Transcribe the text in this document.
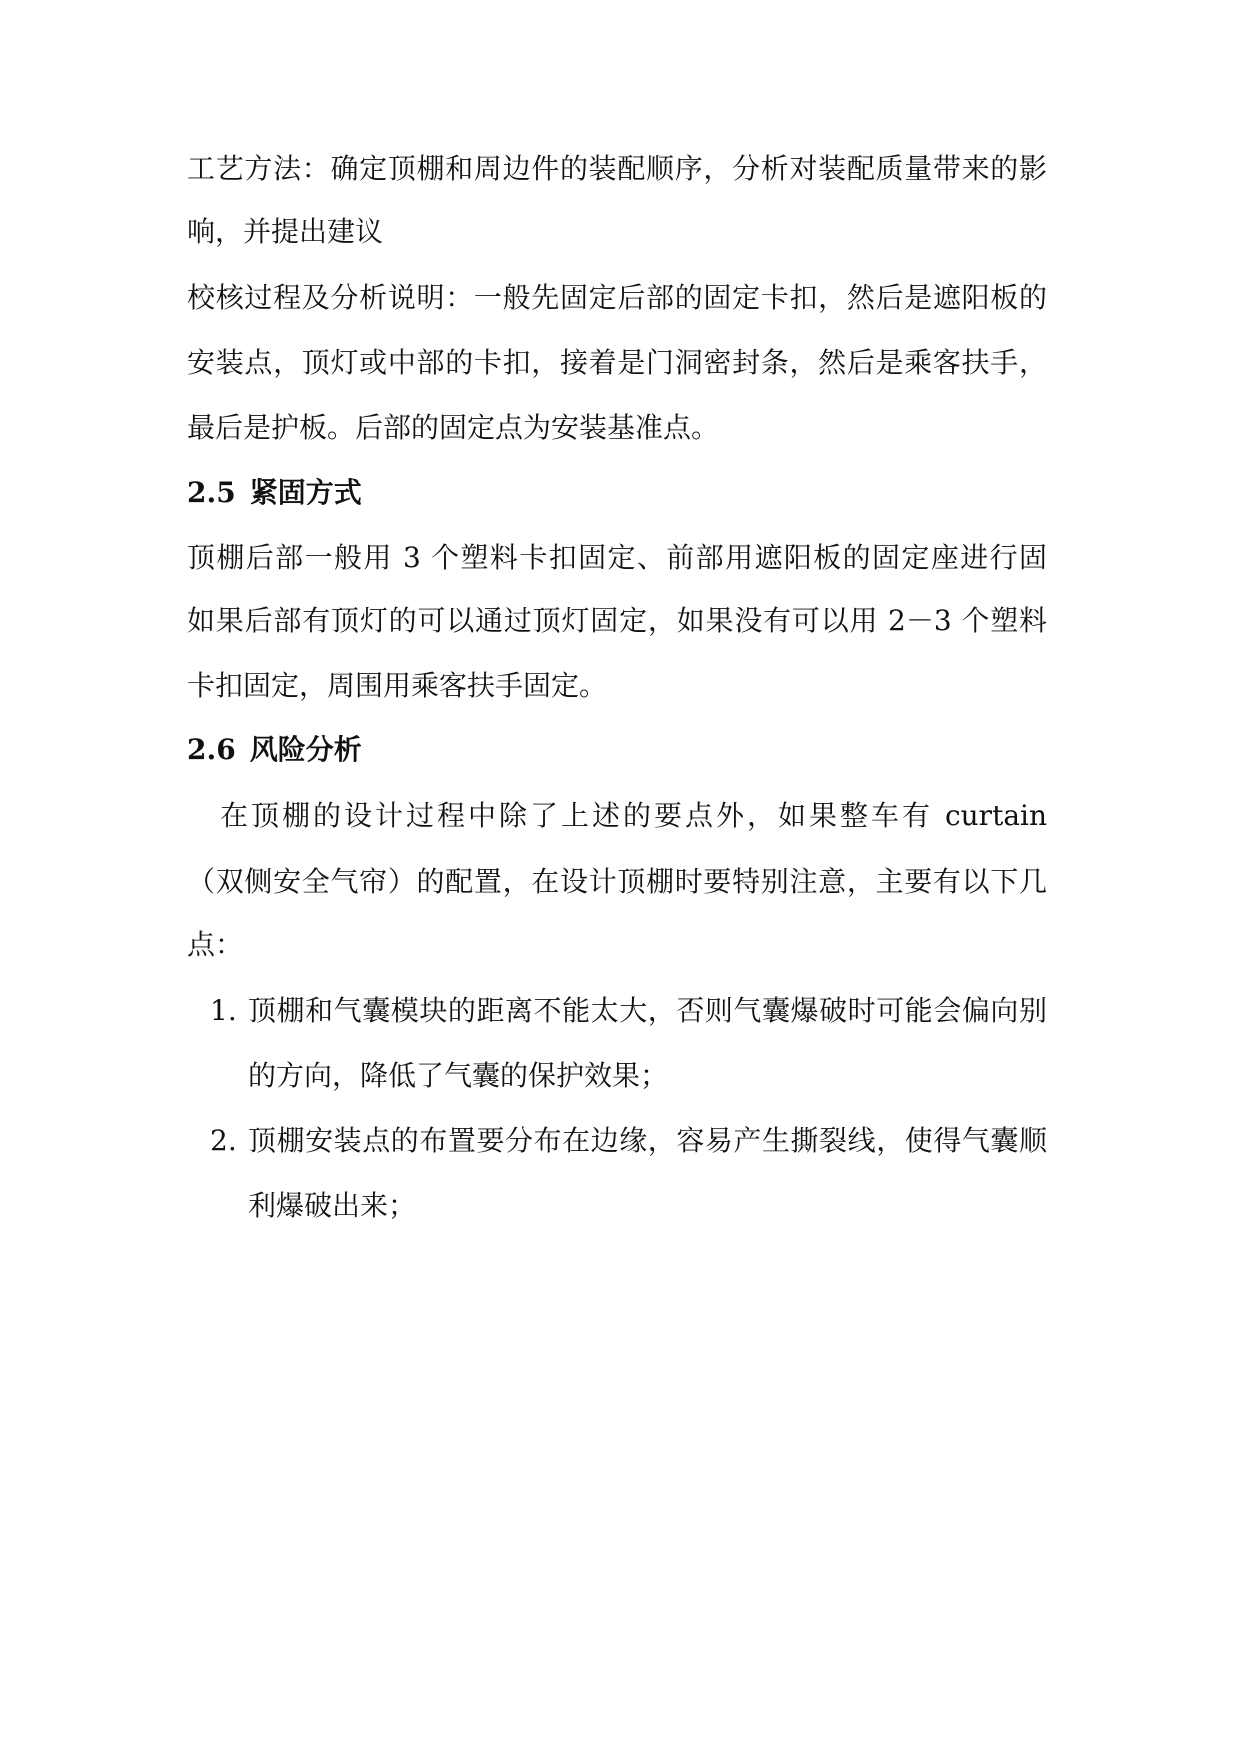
工艺方法：确定顶棚和周边件的装配顺序，分析对装配质量带来的影
响，并提出建议
校核过程及分析说明：一般先固定后部的固定卡扣，然后是遮阳板的
安装点，顶灯或中部的卡扣，接着是门洞密封条，然后是乘客扶手，
最后是护板。后部的固定点为安装基准点。
2.5 紧固方式
顶棚后部一般用 3 个塑料卡扣固定、前部用遮阳板的固定座进行固
如果后部有顶灯的可以通过顶灯固定，如果没有可以用 2－3 个塑料
卡扣固定，周围用乘客扶手固定。
2.6 风险分析
在顶棚的设计过程中除了上述的要点外，如果整车有 curtain
（双侧安全气帘）的配置，在设计顶棚时要特别注意，主要有以下几
点：
1. 顶棚和气囊模块的距离不能太大，否则气囊爆破时可能会偏向别
的方向，降低了气囊的保护效果；
2. 顶棚安装点的布置要分布在边缘，容易产生撕裂线，使得气囊顺
利爆破出来；
